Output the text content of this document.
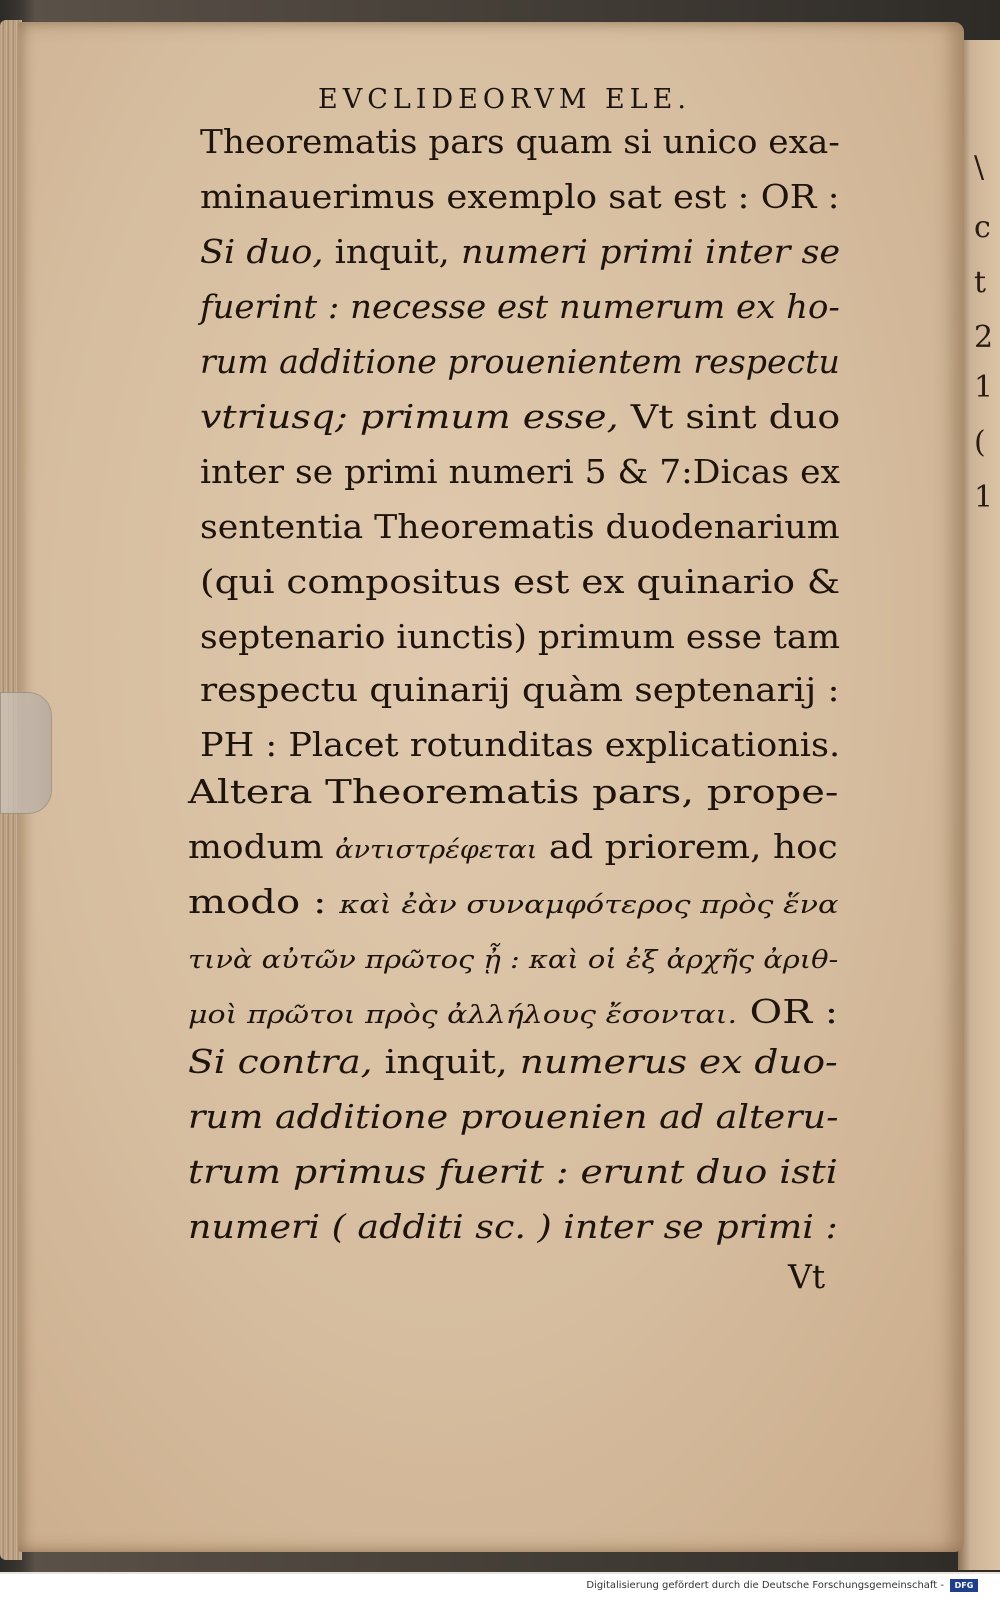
\
c
t
2
1
(
1
EVCLIDEORVM ELE.
Theorematis pars quam si unico exa-
minauerimus exemplo sat est : OR :
Si duo, inquit, numeri primi inter se
fuerint : necesse est numerum ex ho-
rum additione prouenientem respectu
vtriusq; primum esse, Vt sint duo
inter se primi numeri 5 & 7:Dicas ex
sententia Theorematis duodenarium
(qui compositus est ex quinario &
septenario iunctis) primum esse tam
respectu quinarij quàm septenarij :
PH : Placet rotunditas explicationis.
Altera Theorematis pars, prope-
modum ἀντιστρέφεται ad priorem, hoc
modo : καὶ ἐὰν συναμφότερος πρὸς ἕνα
τινὰ αὐτῶν πρῶτος ᾖ : καὶ οἱ ἐξ ἀρχῆς ἀριθ-
μοὶ πρῶτοι πρὸς ἀλλήλους ἔσονται. OR :
Si contra, inquit, numerus ex duo-
rum additione prouenien ad alteru-
trum primus fuerit : erunt duo isti
numeri ( additi sc. ) inter se primi :
Vt
Digitalisierung gefördert durch die Deutsche Forschungsgemeinschaft -	DFG
